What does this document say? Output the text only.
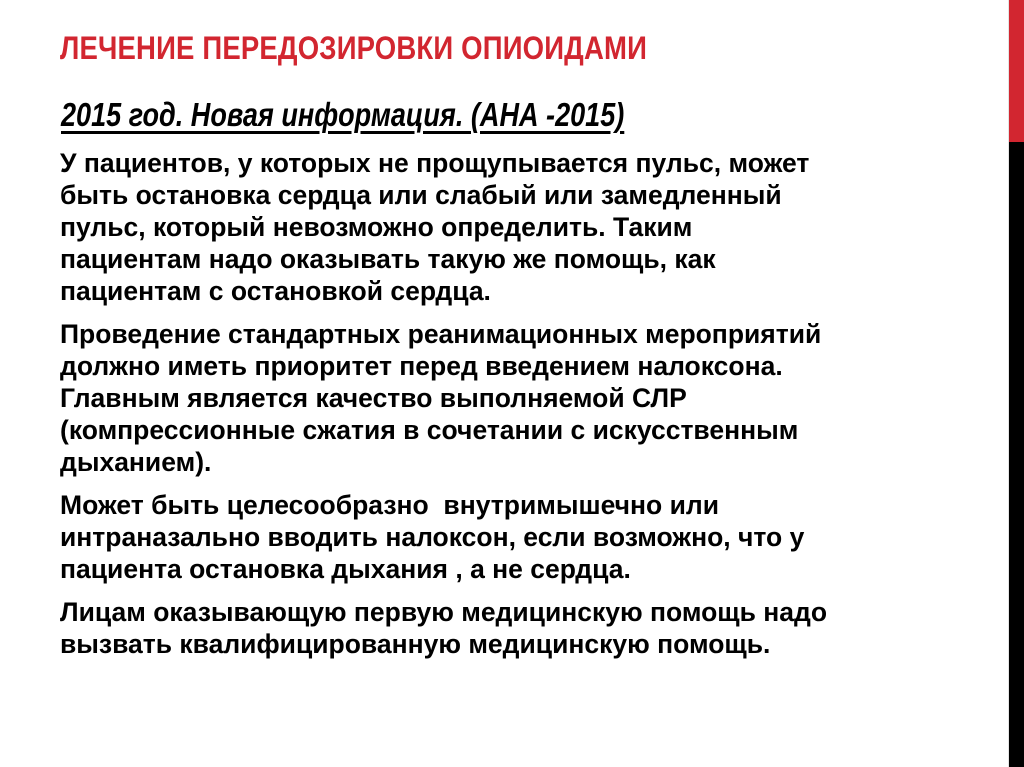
ЛЕЧЕНИЕ ПЕРЕДОЗИРОВКИ ОПИОИДАМИ
2015 год. Новая информация. (АНА -2015)
У пациентов, у которых не прощупывается пульс, может
быть остановка сердца или слабый или замедленный
пульс, который невозможно определить. Таким
пациентам надо оказывать такую же помощь, как
пациентам с остановкой сердца.
Проведение стандартных реанимационных мероприятий
должно иметь приоритет перед введением налоксона.
Главным является качество выполняемой СЛР
(компрессионные сжатия в сочетании с искусственным
дыханием).
Может быть целесообразно  внутримышечно или
интраназально вводить налоксон, если возможно, что у
пациента остановка дыхания , а не сердца.
Лицам оказывающую первую медицинскую помощь надо
вызвать квалифицированную медицинскую помощь.
